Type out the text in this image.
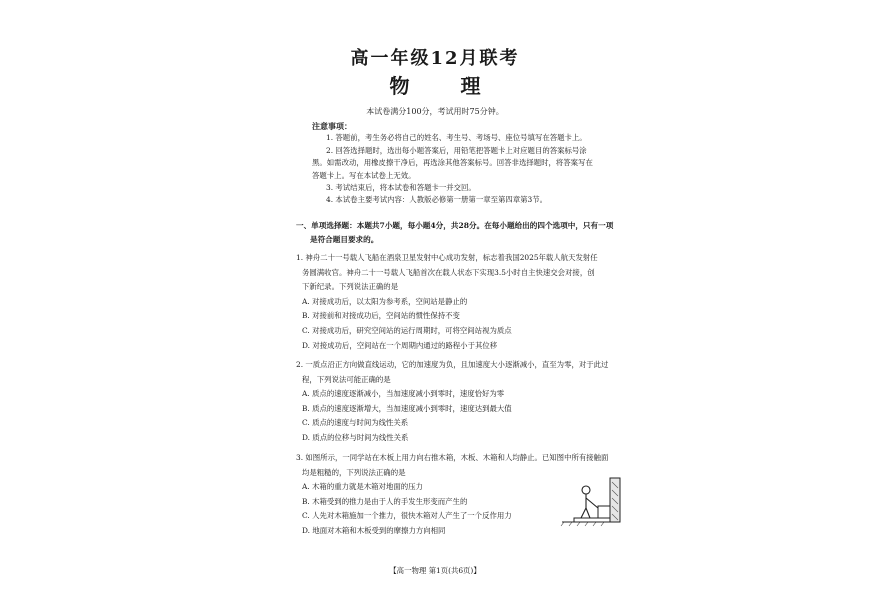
高一年级12月联考
物 理
本试卷满分100分，考试用时75分钟。
注意事项：
1. 答题前，考生务必将自己的姓名、考生号、考场号、座位号填写在答题卡上。
2. 回答选择题时，选出每小题答案后，用铅笔把答题卡上对应题目的答案标号涂
黑。如需改动，用橡皮擦干净后，再选涂其他答案标号。回答非选择题时，将答案写在
答题卡上。写在本试卷上无效。
3. 考试结束后，将本试卷和答题卡一并交回。
4. 本试卷主要考试内容：人教版必修第一册第一章至第四章第3节。
一、单项选择题：本题共7小题，每小题4分，共28分。在每小题给出的四个选项中，只有一项
是符合题目要求的。
1. 神舟二十一号载人飞船在酒泉卫星发射中心成功发射，标志着我国2025年载人航天发射任
务圆满收官。神舟二十一号载人飞船首次在载人状态下实现3.5小时自主快速交会对接，创
下新纪录。下列说法正确的是
A. 对接成功后，以太阳为参考系，空间站是静止的
B. 对接前和对接成功后，空间站的惯性保持不变
C. 对接成功后，研究空间站的运行周期时，可将空间站视为质点
D. 对接成功后，空间站在一个周期内通过的路程小于其位移
2. 一质点沿正方向做直线运动，它的加速度为负，且加速度大小逐渐减小，直至为零，对于此过
程，下列说法可能正确的是
A. 质点的速度逐渐减小，当加速度减小到零时，速度恰好为零
B. 质点的速度逐渐增大，当加速度减小到零时，速度达到最大值
C. 质点的速度与时间为线性关系
D. 质点的位移与时间为线性关系
3. 如图所示，一同学站在木板上用力向右推木箱，木板、木箱和人均静止。已知图中所有接触面
均是粗糙的，下列说法正确的是
A. 木箱的重力就是木箱对地面的压力
B. 木箱受到的推力是由于人的手发生形变而产生的
C. 人先对木箱施加一个推力，很快木箱对人产生了一个反作用力
D. 地面对木箱和木板受到的摩擦力方向相同
【高一物理 第1页(共6页)】
